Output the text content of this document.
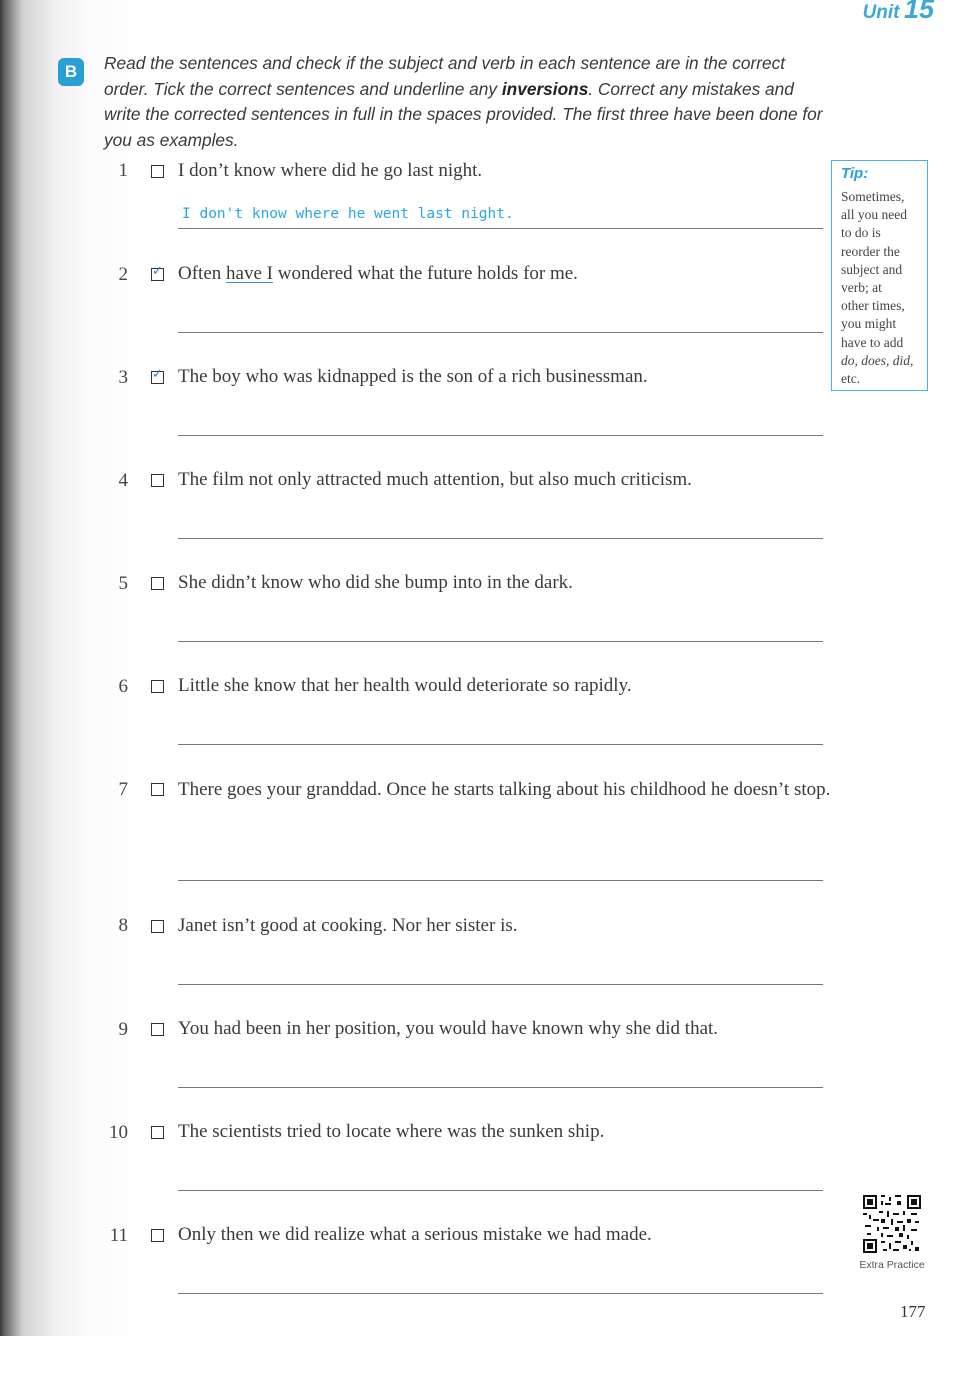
Unit 15
B	Read the sentences and check if the subject and verb in each sentence are in the correct order. Tick the correct sentences and underline any inversions. Correct any mistakes and write the corrected sentences in full in the spaces provided. The first three have been done for you as examples.
1	I don’t know where did he go last night.
I don't know where he went last night.
2 ✓	Often have I wondered what the future holds for me.
3 ✓	The boy who was kidnapped is the son of a rich businessman.
4	The film not only attracted much attention, but also much criticism.
5	She didn’t know who did she bump into in the dark.
6	Little she know that her health would deteriorate so rapidly.
7	There goes your granddad. Once he starts talking about his childhood he doesn’t stop.
8	Janet isn’t good at cooking. Nor her sister is.
9	You had been in her position, you would have known why she did that.
10	The scientists tried to locate where was the sunken ship.
11	Only then we did realize what a serious mistake we had made.
Tip:
Sometimes,
all you need
to do is
reorder the
subject and
verb; at
other times,
you might
have to add
do, does, did,
etc.
Extra Practice
177
